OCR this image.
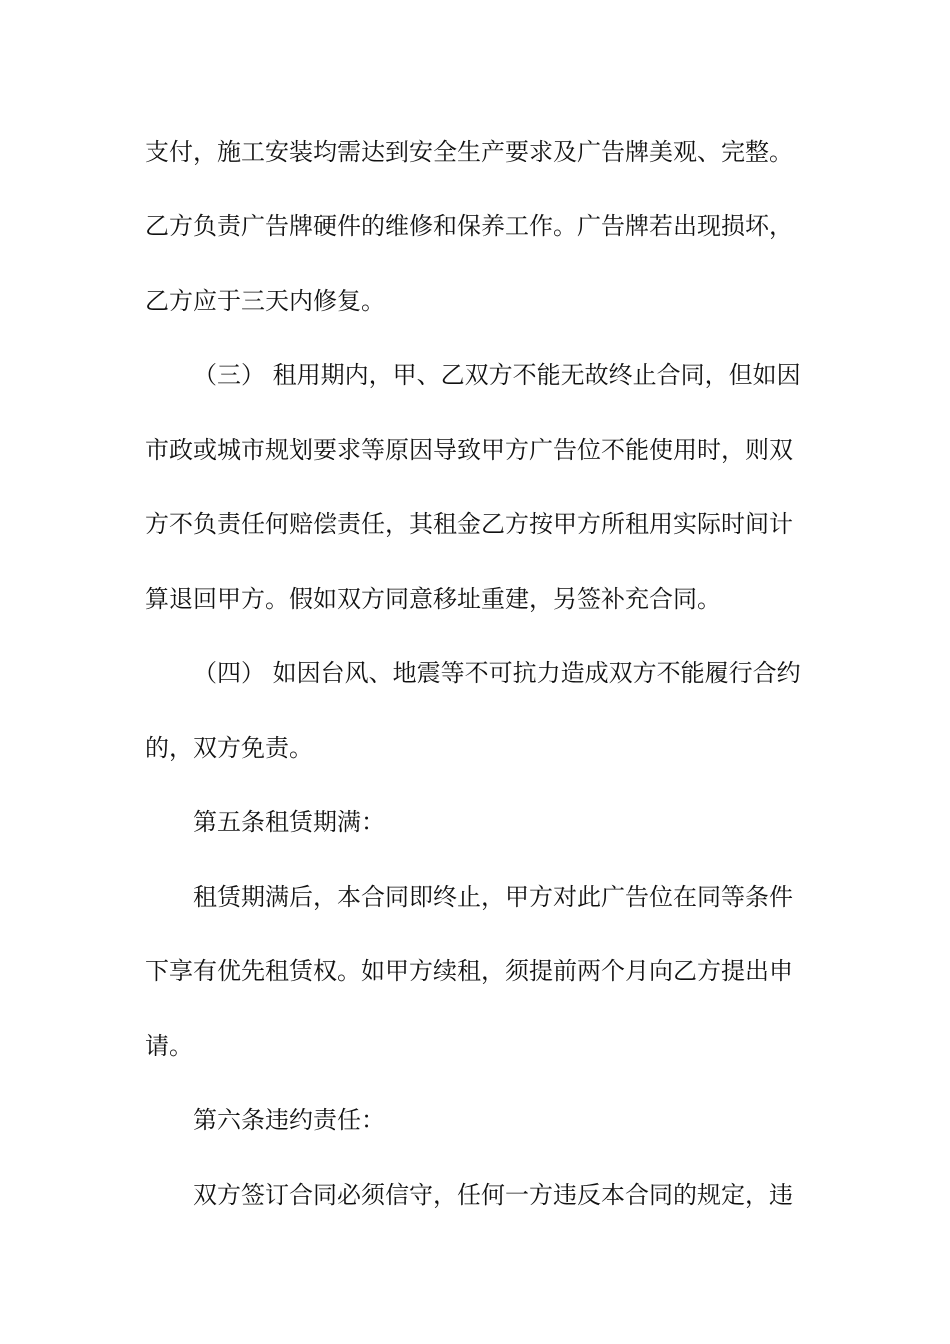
支付，施工安装均需达到安全生产要求及广告牌美观、完整。
乙方负责广告牌硬件的维修和保养工作。广告牌若出现损坏，
乙方应于三天内修复。
（三） 租用期内，甲、乙双方不能无故终止合同，但如因
市政或城市规划要求等原因导致甲方广告位不能使用时，则双
方不负责任何赔偿责任，其租金乙方按甲方所租用实际时间计
算退回甲方。假如双方同意移址重建，另签补充合同。
（四） 如因台风、地震等不可抗力造成双方不能履行合约
的，双方免责。
第五条租赁期满：
租赁期满后，本合同即终止，甲方对此广告位在同等条件
下享有优先租赁权。如甲方续租，须提前两个月向乙方提出申
请。
第六条违约责任：
双方签订合同必须信守，任何一方违反本合同的规定，违
